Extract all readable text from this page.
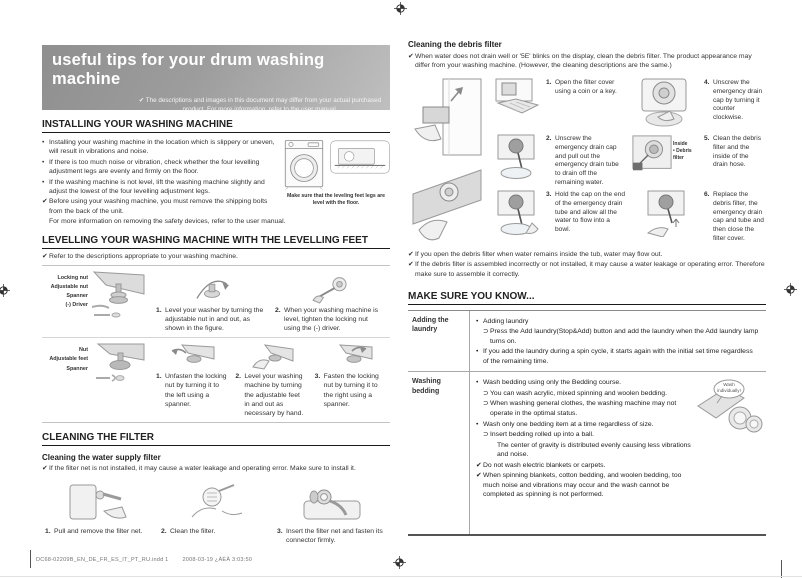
useful tips for your drum washing machine
✔ The descriptions and images in this document may differ from your actual purchased product. For more information, refer to the user manual.
INSTALLING YOUR WASHING MACHINE
• Installing your washing machine in the location which is slippery or uneven, will result in vibrations and noise.
• If there is too much noise or vibration, check whether the four levelling adjustment legs are evenly and firmly on the floor.
• If the washing machine is not level, lift the washing machine slightly and adjust the lowest of the four levelling adjustment legs.
✔ Before using your washing machine, you must remove the shipping bolts from the back of the unit.
Make sure that the leveling feet legs are level with the floor.
For more information on removing the safety devices, refer to the user manual.
LEVELLING YOUR WASHING MACHINE WITH THE LEVELLING FEET
✔ Refer to the descriptions appropriate to your washing machine.
Locking nut
Adjustable nut
Spanner
(-) Driver
1. Level your washer by turning the adjustable nut in and out, as shown in the figure.
2. When your washing machine is level, tighten the locking nut using the (-) driver.
Nut
Adjustable feet
Spanner
1. Unfasten the locking nut by turning it to the left using a spanner.
2. Level your washing machine by turning the adjustable feet in and out as necessary by hand.
3. Fasten the locking nut by turning it to the right using a spanner.
CLEANING THE FILTER
Cleaning the water supply filter
✔ If the filter net is not installed, it may cause a water leakage and operating error. Make sure to install it.
1. Pull and remove the filter net.	2. Clean the filter.	3. Insert the filter net and fasten its connector firmly.
Cleaning the debris filter
✔ When water does not drain well or '5E' blinks on the display, clean the debris filter. The product appearance may differ from your washing machine. (However, the cleaning descriptions are the same.)
1. Open the filter cover using a coin or a key.
2. Unscrew the emergency drain cap and pull out the emergency drain tube to drain off the remaining water.
3. Hold the cap on the end of the emergency drain tube and allow all the water to flow into a bowl.
Inside
• Debris filter
4. Unscrew the emergency drain cap by turning it counter clockwise.
5. Clean the debris filter and the inside of the drain hose.
6. Replace the debris filter, the emergency drain cap and tube and then close the filter cover.
✔ If you open the debris filter when water remains inside the tub, water may flow out.
✔ If the debris filter is assembled incorrectly or not installed, it may cause a water leakage or operating error. Therefore make sure to assemble it correctly.
MAKE SURE YOU KNOW...
Adding the laundry
• Adding laundry
⊃ Press the Add laundry(Stop&Add) button and add the laundry when the Add laundry lamp turns on.
• If you add the laundry during a spin cycle, it starts again with the initial set time regardless of the remaining time.
Washing bedding
• Wash bedding using only the Bedding course.
⊃ You can wash acrylic, mixed spinning and woolen bedding.
⊃ When washing general clothes, the washing machine may not operate in the optimal status.
• Wash only one bedding item at a time regardless of size.
⊃ Insert bedding rolled up into a ball.
The center of gravity is distributed evenly causing less vibrations and noise.
✔ Do not wash electric blankets or carpets.
✔ When spinning blankets, cotton bedding, and woolen bedding, too much noise and vibrations may occur and the wash cannot be completed as spinning is not performed.
Wash individually!
DC68-02209B_EN_DE_FR_ES_IT_PT_RU.indd 1	2008-03-19 ¿ÀÈÄ 3:03:50
